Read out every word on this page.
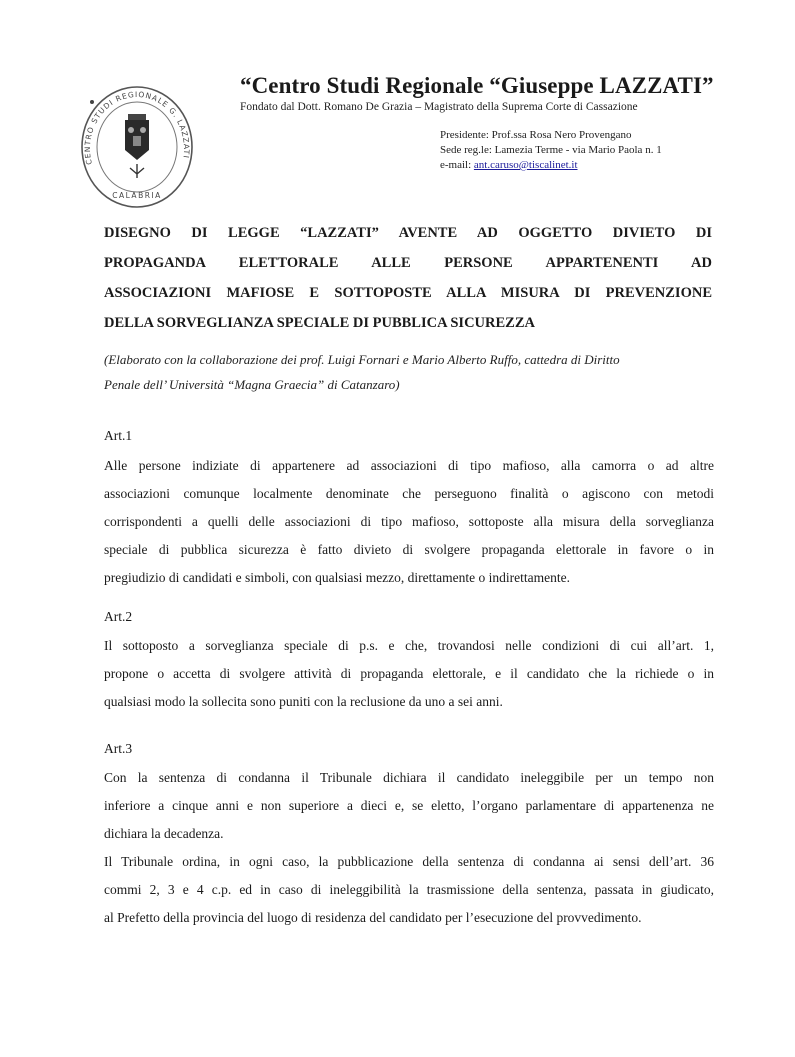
CENTRO STUDI REGIONALE G. LAZZATI
CALABRIA
“Centro Studi Regionale “Giuseppe LAZZATI”
Fondato dal Dott. Romano De Grazia – Magistrato della Suprema Corte di Cassazione
Presidente: Prof.ssa Rosa Nero Provengano
Sede reg.le: Lamezia Terme - via Mario Paola n. 1
e-mail: ant.caruso@tiscalinet.it
DISEGNO DI LEGGE “LAZZATI” AVENTE AD OGGETTO DIVIETO DI
PROPAGANDA ELETTORALE ALLE PERSONE APPARTENENTI AD
ASSOCIAZIONI MAFIOSE E SOTTOPOSTE ALLA MISURA DI PREVENZIONE
DELLA SORVEGLIANZA SPECIALE DI PUBBLICA SICUREZZA
(Elaborato con la collaborazione dei prof. Luigi Fornari e Mario Alberto Ruffo, cattedra di Diritto
Penale dell’ Università “Magna Graecia” di Catanzaro)
Art.1
Alle persone indiziate di appartenere ad associazioni di tipo mafioso, alla camorra o ad altre
associazioni comunque localmente denominate che perseguono finalità o agiscono con metodi
corrispondenti a quelli delle associazioni di tipo mafioso, sottoposte alla misura della sorveglianza
speciale di pubblica sicurezza è fatto divieto di svolgere propaganda elettorale in favore o in
pregiudizio di candidati e simboli, con qualsiasi mezzo, direttamente o indirettamente.
Art.2
Il sottoposto a sorveglianza speciale di p.s. e che, trovandosi nelle condizioni di cui all’art. 1,
propone o accetta di svolgere attività di propaganda elettorale, e il candidato che la richiede o in
qualsiasi modo la sollecita sono puniti con la reclusione da uno a sei anni.
Art.3
Con la sentenza di condanna il Tribunale dichiara il candidato ineleggibile per un tempo non
inferiore a cinque anni e non superiore a dieci e, se eletto, l’organo parlamentare di appartenenza ne
dichiara la decadenza.
Il Tribunale ordina, in ogni caso, la pubblicazione della sentenza di condanna ai sensi dell’art. 36
commi 2, 3 e 4 c.p. ed in caso di ineleggibilità la trasmissione della sentenza, passata in giudicato,
al Prefetto della provincia del luogo di residenza del candidato per l’esecuzione del provvedimento.
